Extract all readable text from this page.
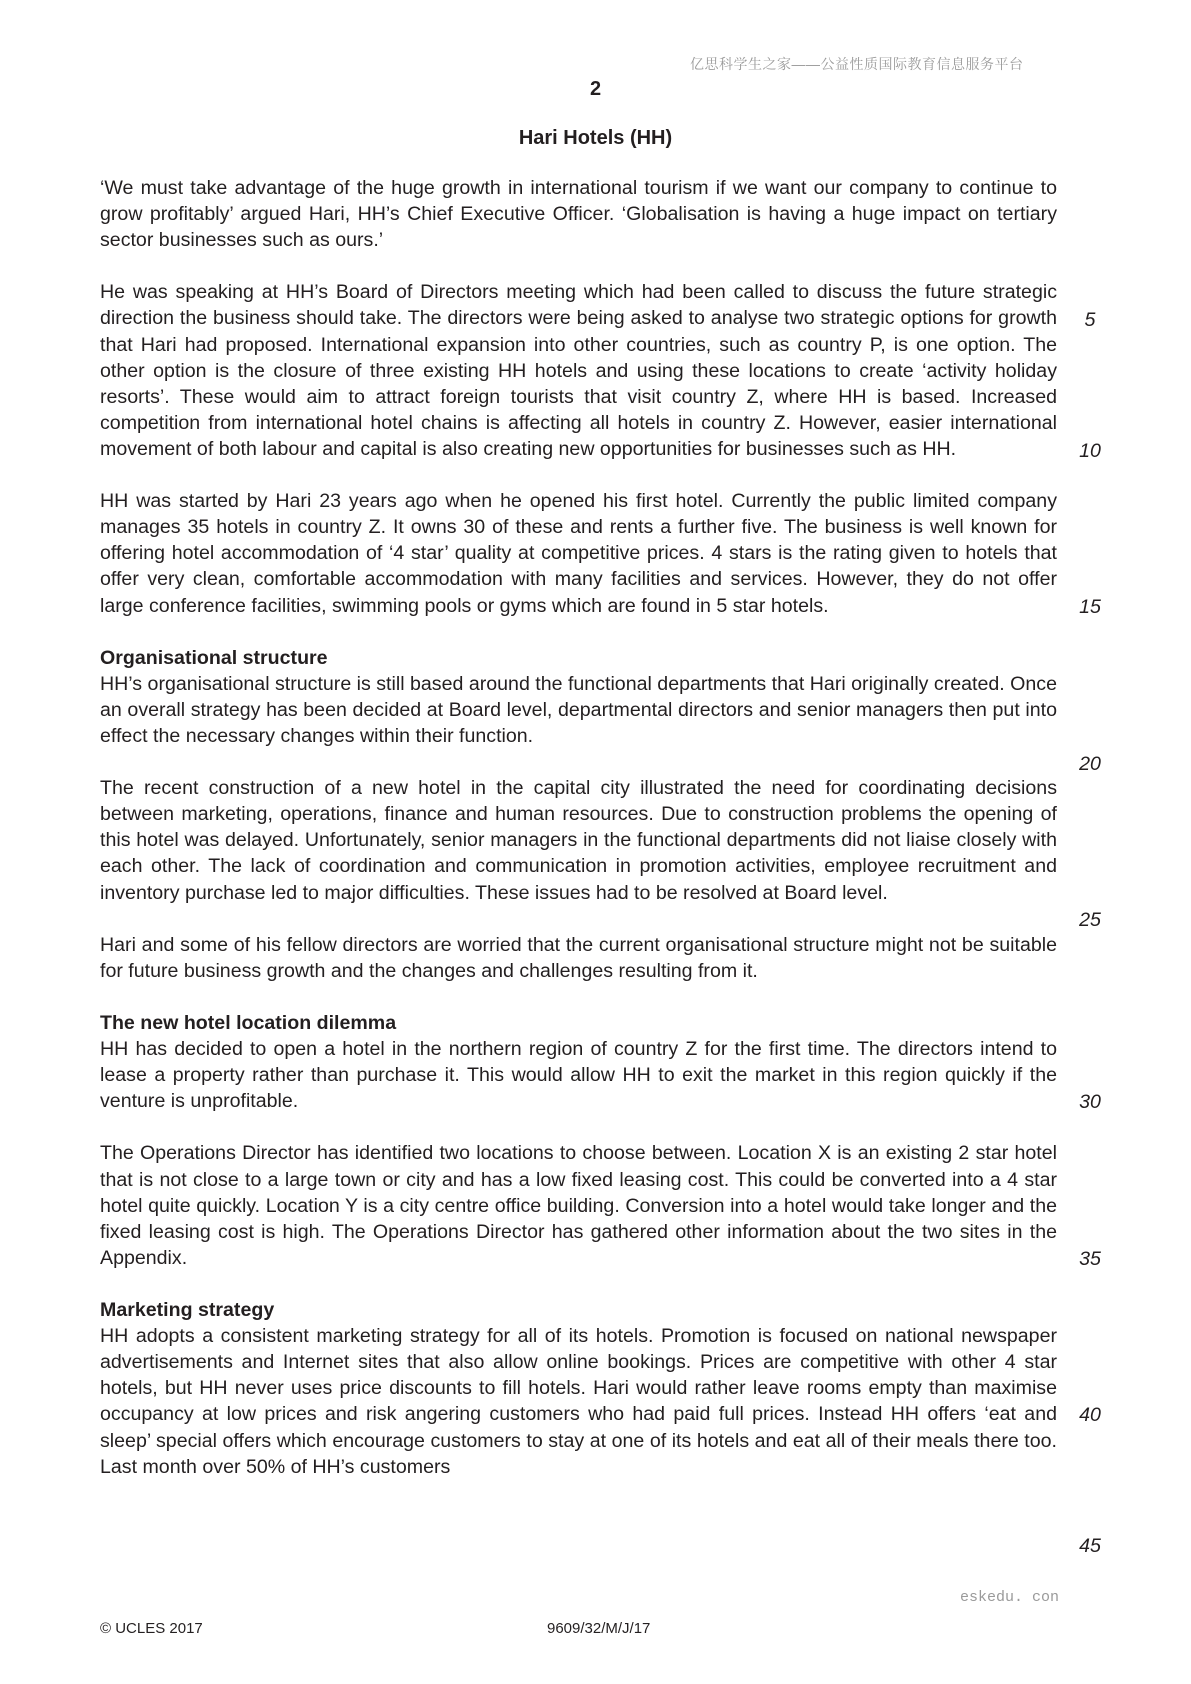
亿思科学生之家——公益性质国际教育信息服务平台
2
Hari Hotels (HH)

‘We must take advantage of the huge growth in international tourism if we want our company to continue to grow profitably’ argued Hari, HH’s Chief Executive Officer. ‘Globalisation is having a huge impact on tertiary sector businesses such as ours.’

He was speaking at HH’s Board of Directors meeting which had been called to discuss the future strategic direction the business should take. The directors were being asked to analyse two strategic options for growth that Hari had proposed. International expansion into other countries, such as country P, is one option. The other option is the closure of three existing HH hotels and using these locations to create ‘activity holiday resorts’. These would aim to attract foreign tourists that visit country Z, where HH is based. Increased competition from international hotel chains is affecting all hotels in country Z. However, easier international movement of both labour and capital is also creating new opportunities for businesses such as HH.

HH was started by Hari 23 years ago when he opened his first hotel. Currently the public limited company manages 35 hotels in country Z. It owns 30 of these and rents a further five. The business is well known for offering hotel accommodation of ‘4 star’ quality at competitive prices. 4 stars is the rating given to hotels that offer very clean, comfortable accommodation with many facilities and services. However, they do not offer large conference facilities, swimming pools or gyms which are found in 5 star hotels.

Organisational structure

HH’s organisational structure is still based around the functional departments that Hari originally created. Once an overall strategy has been decided at Board level, departmental directors and senior managers then put into effect the necessary changes within their function.

The recent construction of a new hotel in the capital city illustrated the need for coordinating decisions between marketing, operations, finance and human resources. Due to construction problems the opening of this hotel was delayed. Unfortunately, senior managers in the functional departments did not liaise closely with each other. The lack of coordination and communication in promotion activities, employee recruitment and inventory purchase led to major difficulties. These issues had to be resolved at Board level.

Hari and some of his fellow directors are worried that the current organisational structure might not be suitable for future business growth and the changes and challenges resulting from it.

The new hotel location dilemma

HH has decided to open a hotel in the northern region of country Z for the first time. The directors intend to lease a property rather than purchase it. This would allow HH to exit the market in this region quickly if the venture is unprofitable.

The Operations Director has identified two locations to choose between. Location X is an existing 2 star hotel that is not close to a large town or city and has a low fixed leasing cost. This could be converted into a 4 star hotel quite quickly. Location Y is a city centre office building. Conversion into a hotel would take longer and the fixed leasing cost is high. The Operations Director has gathered other information about the two sites in the Appendix.

Marketing strategy

HH adopts a consistent marketing strategy for all of its hotels. Promotion is focused on national newspaper advertisements and Internet sites that also allow online bookings. Prices are competitive with other 4 star hotels, but HH never uses price discounts to fill hotels. Hari would rather leave rooms empty than maximise occupancy at low prices and risk angering customers who had paid full prices. Instead HH offers ‘eat and sleep’ special offers which encourage customers to stay at one of its hotels and eat all of their meals there too. Last month over 50% of HH’s customers

5
10
15
20
25
30
35
40
45
eskedu. con
© UCLES 2017	9609/32/M/J/17
